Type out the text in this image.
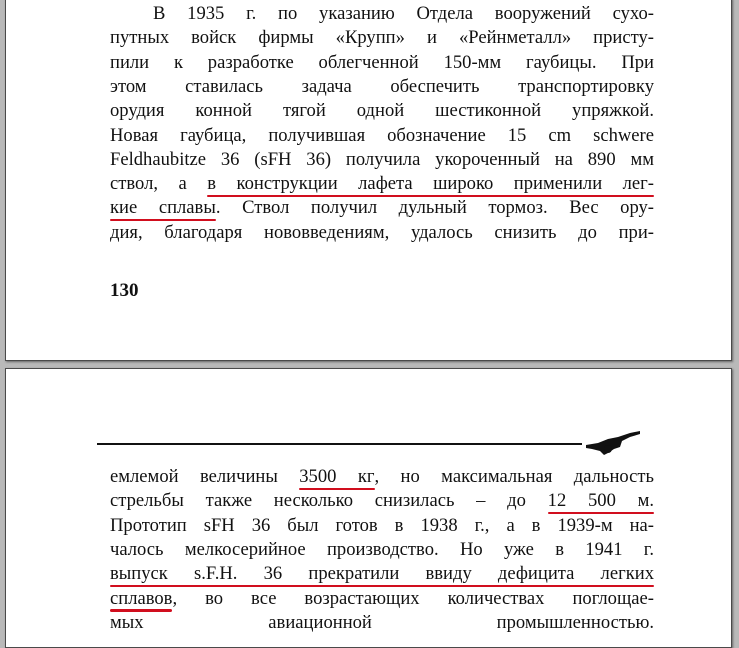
В 1935 г. по указанию Отдела вооружений сухо-
путных войск фирмы «Крупп» и «Рейнметалл» присту-
пили к разработке облегченной 150-мм гаубицы. При
этом ставилась задача обеспечить транспортировку
орудия конной тягой одной шестиконной упряжкой.
Новая гаубица, получившая обозначение 15 cm schwere
Feldhaubitze 36 (sFH 36) получила укороченный на 890 мм
ствол, а в конструкции лафета широко применили лег-
кие сплавы. Ствол получил дульный тормоз. Вес ору-
дия, благодаря нововведениям, удалось снизить до при-
130
емлемой величины 3500 кг, но максимальная дальность
стрельбы также несколько снизилась – до 12 500 м.
Прототип sFH 36 был готов в 1938 г., а в 1939-м на-
чалось мелкосерийное производство. Но уже в 1941 г.
выпуск s.F.H. 36 прекратили ввиду дефицита легких
сплавов, во все возрастающих количествах поглощае-
мых авиационной промышленностью.
